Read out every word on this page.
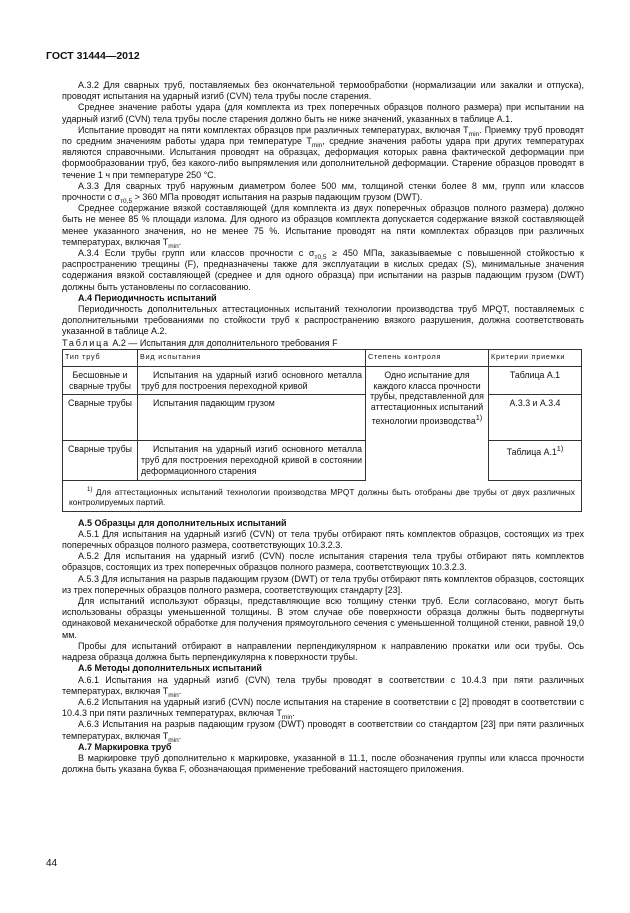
ГОСТ 31444—2012

А.3.2 Для сварных труб, поставляемых без окончательной термообработки (нормализации или закалки и отпуска), проводят испытания на ударный изгиб (CVN) тела трубы после старения.

Среднее значение работы удара (для комплекта из трех поперечных образцов полного размера) при испытании на ударный изгиб (CVN) тела трубы после старения должно быть не ниже значений, указанных в таблице А.1.

Испытание проводят на пяти комплектах образцов при различных температурах, включая $T_{min}$. Приемку труб проводят по средним значениям работы удара при температуре $T_{min}$, средние значения работы удара при других температурах являются справочными. Испытания проводят на образцах, деформация которых равна фактической деформации при формообразовании труб, без какого-либо выпрямления или дополнительной деформации. Старение образцов проводят в течение 1 ч при температуре 250 °С.

А.3.3 Для сварных труб наружным диаметром более 500 мм, толщиной стенки более 8 мм, групп или классов прочности с $\sigma_{т0,5} > 360$ МПа проводят испытания на разрыв падающим грузом (DWT).

Среднее содержание вязкой составляющей (для комплекта из двух поперечных образцов полного размера) должно быть не менее 85 % площади излома. Для одного из образцов комплекта допускается содержание вязкой составляющей менее указанного значения, но не менее 75 %. Испытание проводят на пяти комплектах образцов при различных температурах, включая $T_{min}$.

А.3.4 Если трубы групп или классов прочности с $\sigma_{т0,5} \ge 450$ МПа, заказываемые с повышенной стойкостью к распространению трещины (F), предназначены также для эксплуатации в кислых средах (S), минимальные значения содержания вязкой составляющей (среднее и для одного образца) при испытании на разрыв падающим грузом (DWT) должны быть установлены по согласованию.

А.4 Периодичность испытаний

Периодичность дополнительных аттестационных испытаний технологии производства труб MPQT, поставляемых с дополнительными требованиями по стойкости труб к распространению вязкого разрушения, должна соответствовать указанной в таблице А.2.

Таблица А.2 — Испытания для дополнительного требования F

Тип труб	Вид испытания	Степень контроля	Критерии приемки
Бесшовные и сварные трубы	Испытания на ударный изгиб основного металла труб для построения переходной кривой	Одно испытание для каждого класса прочности трубы, представленной для аттестационных испытаний технологии производства$^{1)}$	Таблица А.1
Сварные трубы	Испытания падающим грузом		А.3.3 и А.3.4
Сварные трубы	Испытания на ударный изгиб основного металла труб для построения переходной кривой в состоянии деформационного старения		Таблица А.1$^{1)}$

$^{1)}$ Для аттестационных испытаний технологии производства MPQT должны быть отобраны две трубы от двух различных контролируемых партий.			

А.5 Образцы для дополнительных испытаний

А.5.1 Для испытания на ударный изгиб (CVN) от тела трубы отбирают пять комплектов образцов, состоящих из трех поперечных образцов полного размера, соответствующих 10.3.2.3.

А.5.2 Для испытания на ударный изгиб (CVN) после испытания старения тела трубы отбирают пять комплектов образцов, состоящих из трех поперечных образцов полного размера, соответствующих 10.3.2.3.

А.5.3 Для испытания на разрыв падающим грузом (DWT) от тела трубы отбирают пять комплектов образцов, состоящих из трех поперечных образцов полного размера, соответствующих стандарту [23].

Для испытаний используют образцы, представляющие всю толщину стенки труб. Если согласовано, могут быть использованы образцы уменьшенной толщины. В этом случае обе поверхности образца должны быть подвергнуты одинаковой механической обработке для получения прямоугольного сечения с уменьшенной толщиной стенки, равной 19,0 мм.

Пробы для испытаний отбирают в направлении перпендикулярном к направлению прокатки или оси трубы. Ось надреза образца должна быть перпендикулярна к поверхности трубы.

А.6 Методы дополнительных испытаний

А.6.1 Испытания на ударный изгиб (CVN) тела трубы проводят в соответствии с 10.4.3 при пяти различных температурах, включая $T_{min}$.

А.6.2 Испытания на ударный изгиб (CVN) после испытания на старение в соответствии с [2] проводят в соответствии с 10.4.3 при пяти различных температурах, включая $T_{min}$.

А.6.3 Испытания на разрыв падающим грузом (DWT) проводят в соответствии со стандартом [23] при пяти различных температурах, включая $T_{min}$.

А.7 Маркировка труб

В маркировке труб дополнительно к маркировке, указанной в 11.1, после обозначения группы или класса прочности должна быть указана буква F, обозначающая применение требований настоящего приложения.

44
